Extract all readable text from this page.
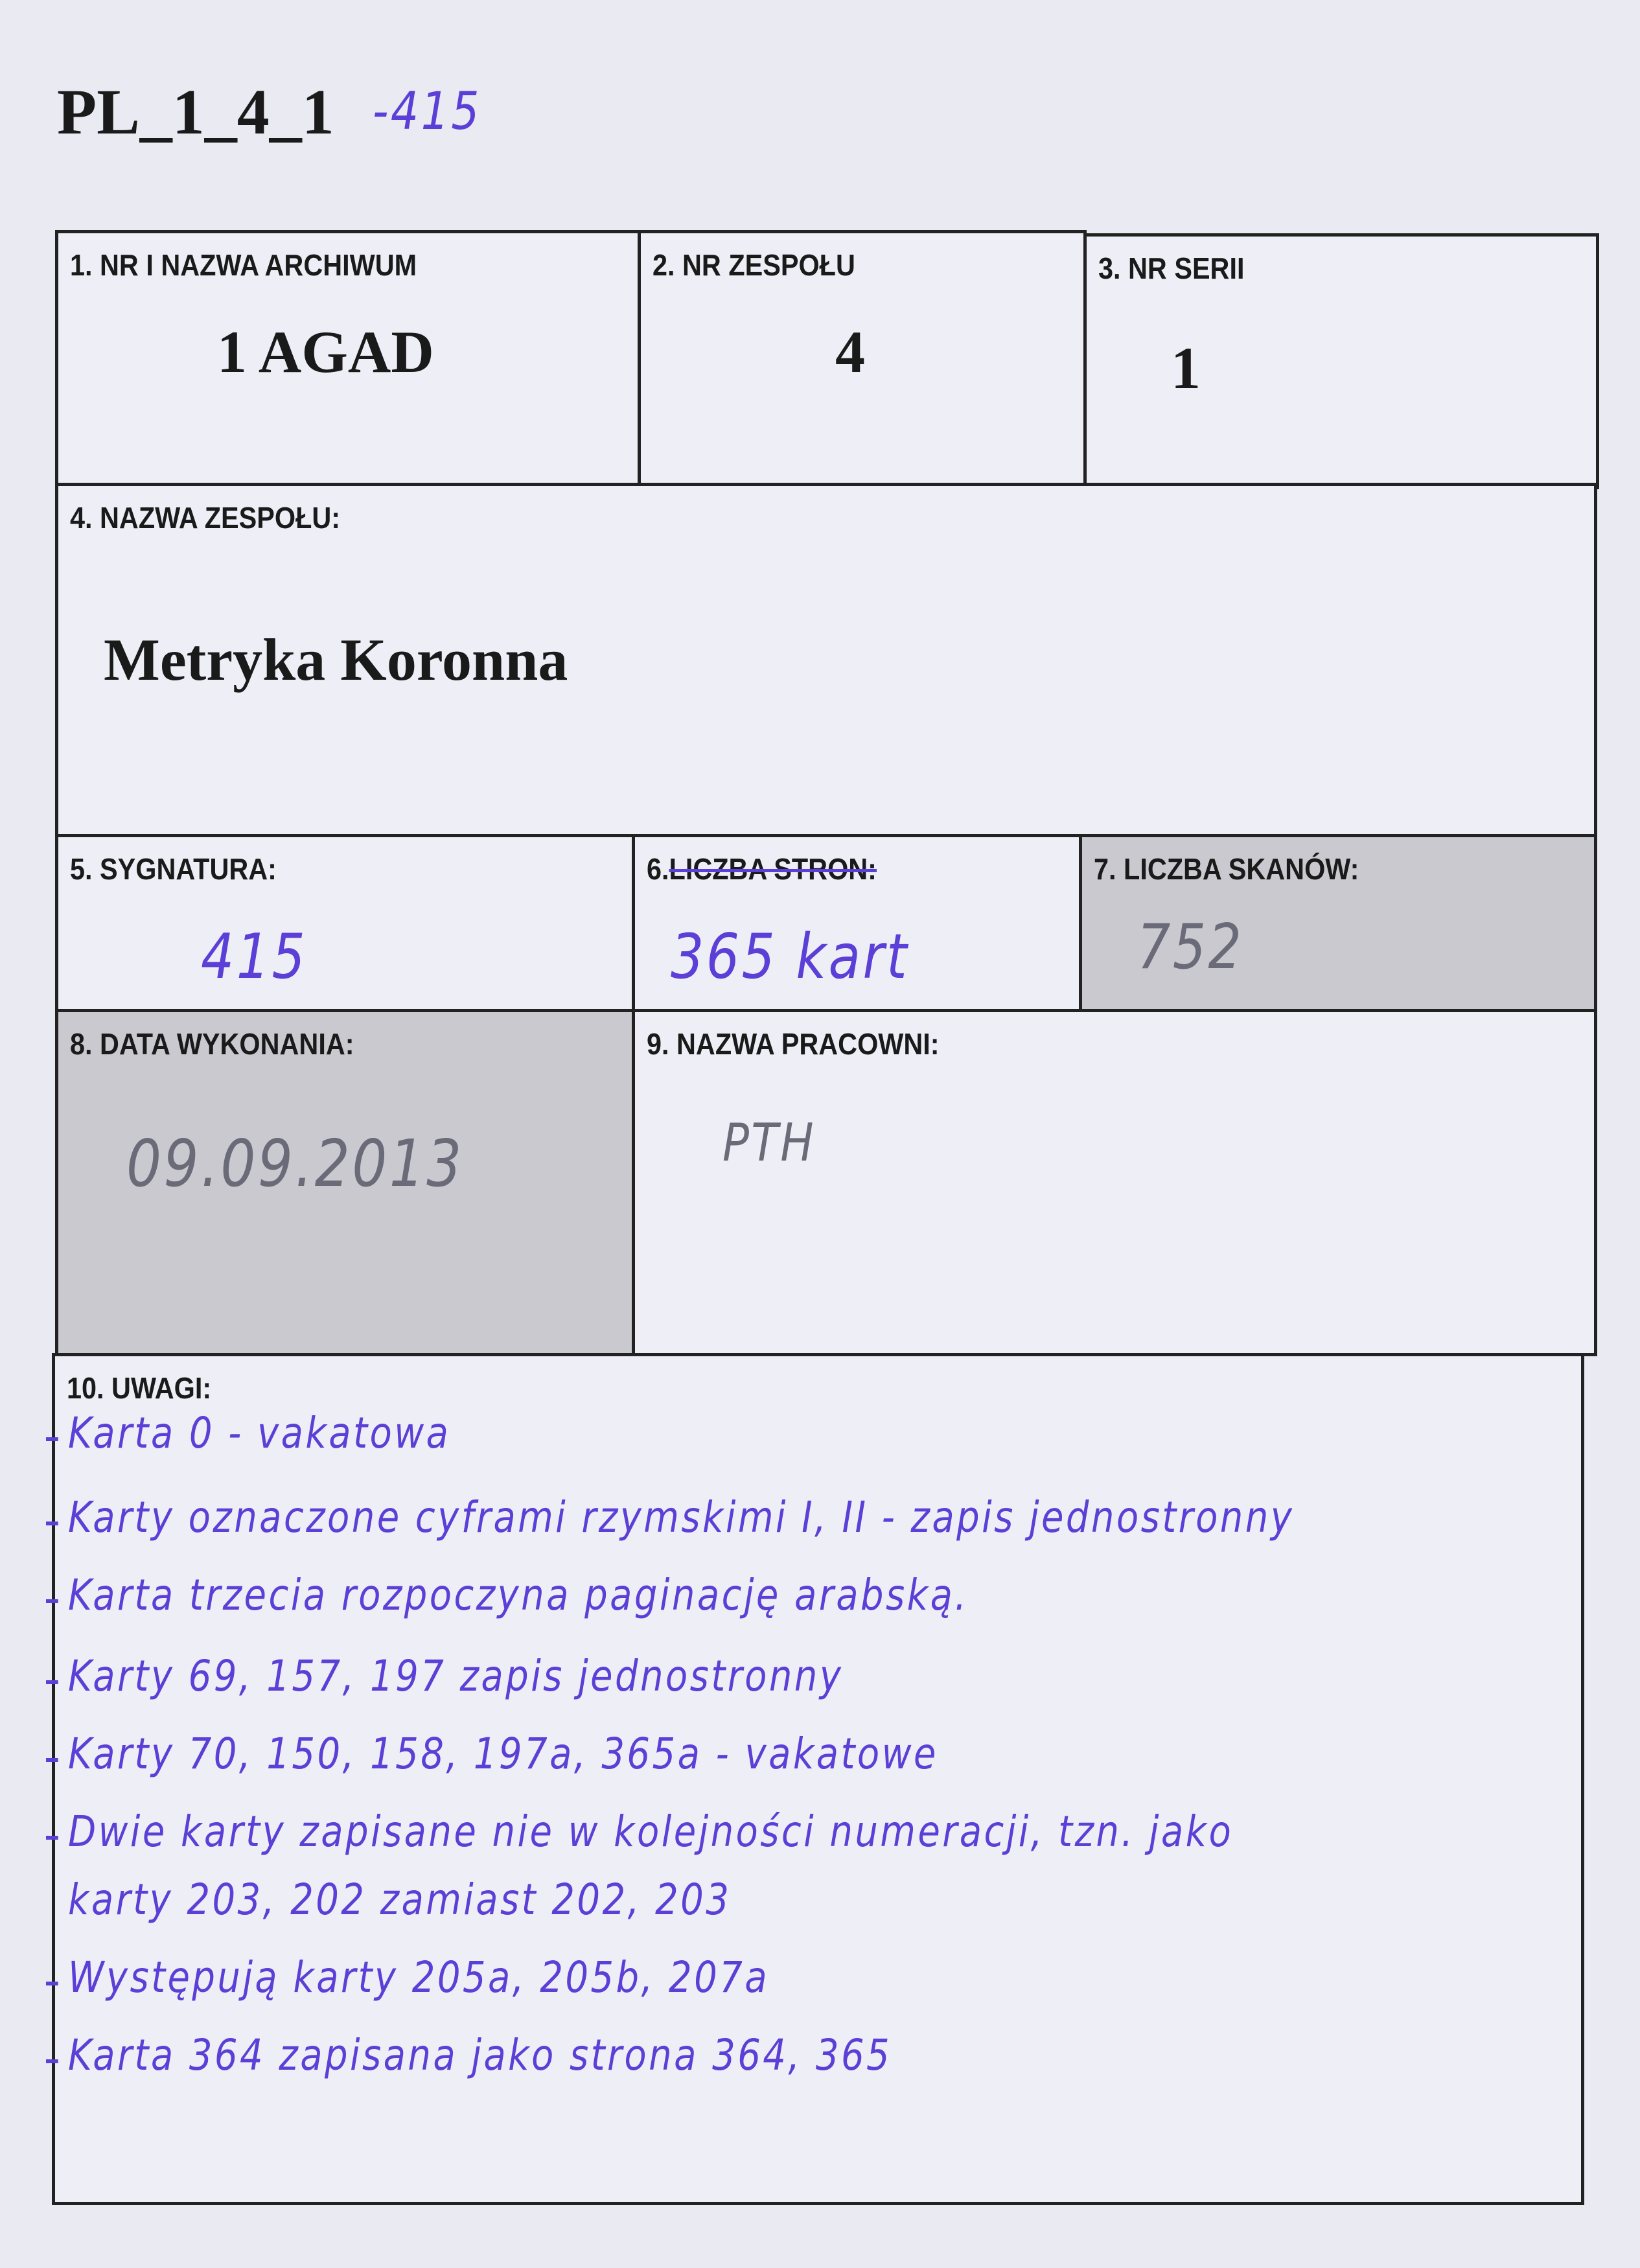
PL_1_4_1 -415
1. NR I NAZWA ARCHIWUM
1 AGAD
2. NR ZESPOŁU
4
3. NR SERII
1
4. NAZWA ZESPOŁU:
Metryka Koronna
5. SYGNATURA:
415
6.LICZBA STRON:
365 kart
7. LICZBA SKANÓW:
752
8. DATA WYKONANIA:
09.09.2013
9. NAZWA PRACOWNI:
PTH
10. UWAGI:
Karta 0 - vakatowa
Karty oznaczone cyframi rzymskimi I, II - zapis jednostronny
Karta trzecia rozpoczyna paginację arabską.
Karty 69, 157, 197 zapis jednostronny
Karty 70, 150, 158, 197a, 365a - vakatowe
Dwie karty zapisane nie w kolejności numeracji, tzn. jako
karty 203, 202 zamiast 202, 203
Występują karty 205a, 205b, 207a
Karta 364 zapisana jako strona 364, 365
